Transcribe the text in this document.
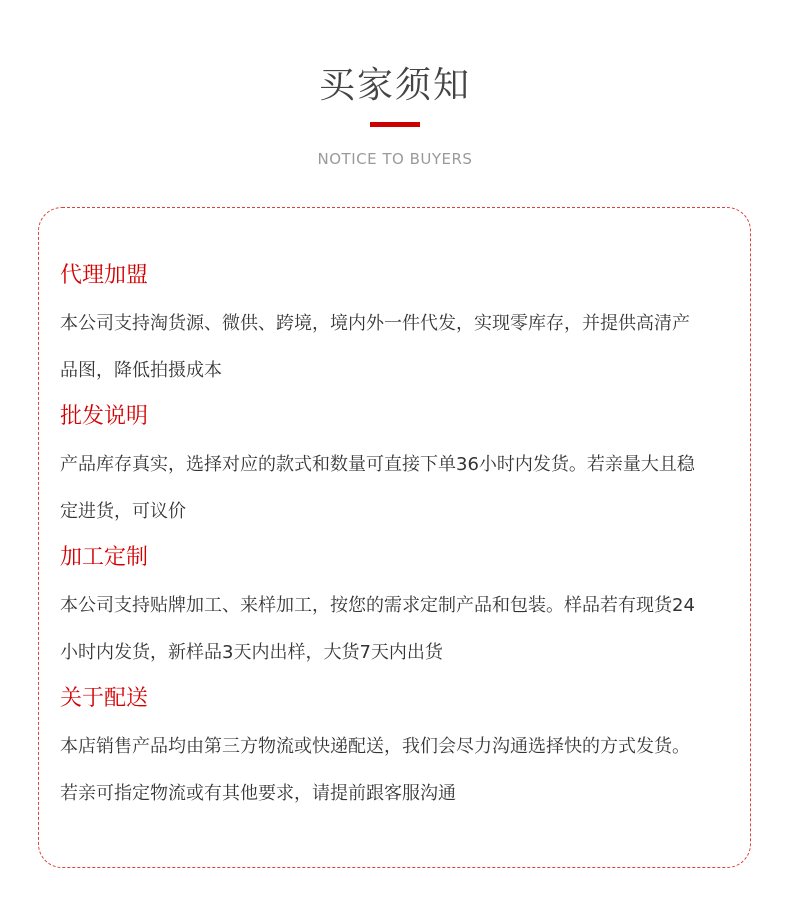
买家须知
NOTICE TO BUYERS
代理加盟
本公司支持淘货源、微供、跨境，境内外一件代发，实现零库存，并提供高清产
品图，降低拍摄成本
批发说明
产品库存真实，选择对应的款式和数量可直接下单36小时内发货。若亲量大且稳
定进货，可议价
加工定制
本公司支持贴牌加工、来样加工，按您的需求定制产品和包装。样品若有现货24
小时内发货，新样品3天内出样，大货7天内出货
关于配送
本店销售产品均由第三方物流或快递配送，我们会尽力沟通选择快的方式发货。
若亲可指定物流或有其他要求，请提前跟客服沟通
